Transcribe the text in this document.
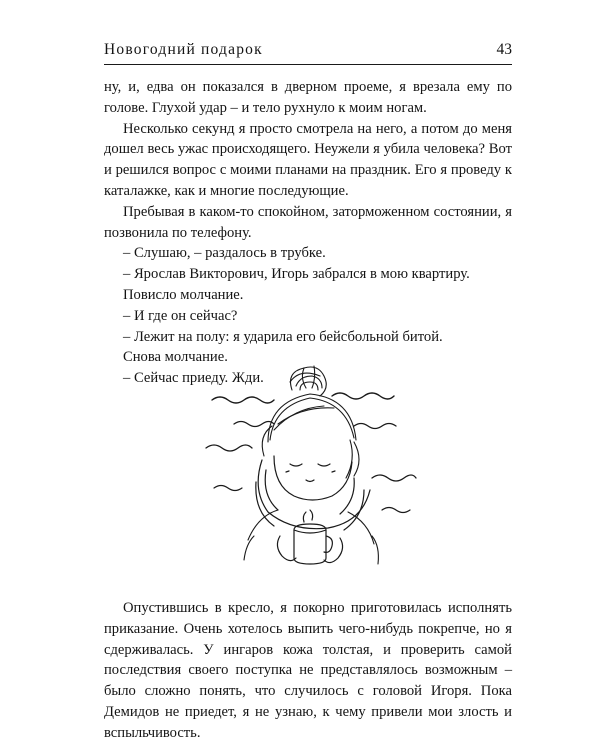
Новогодний подарок	43

ну, и, едва он показался в дверном проеме, я врезала ему по голове. Глухой удар – и тело рухнуло к моим ногам.

Несколько секунд я просто смотрела на него, а потом до меня дошел весь ужас происходящего. Неужели я убила человека? Вот и решился вопрос с моими планами на праздник. Его я проведу к каталажке, как и многие последующие.

Пребывая в каком-то спокойном, заторможенном состоянии, я позвонила по телефону.

– Слушаю, – раздалось в трубке.

– Ярослав Викторович, Игорь забрался в мою квартиру.

Повисло молчание.

– И где он сейчас?

– Лежит на полу: я ударила его бейсбольной битой.

Снова молчание.

– Сейчас приеду. Жди.

Опустившись в кресло, я покорно приготовилась исполнять приказание. Очень хотелось выпить чего-нибудь покрепче, но я сдерживалась. У ингаров кожа толстая, и проверить самой последствия своего поступка не представлялось возможным – было сложно понять, что случилось с головой Игоря. Пока Демидов не приедет, я не узнаю, к чему привели мои злость и вспыльчивость.
